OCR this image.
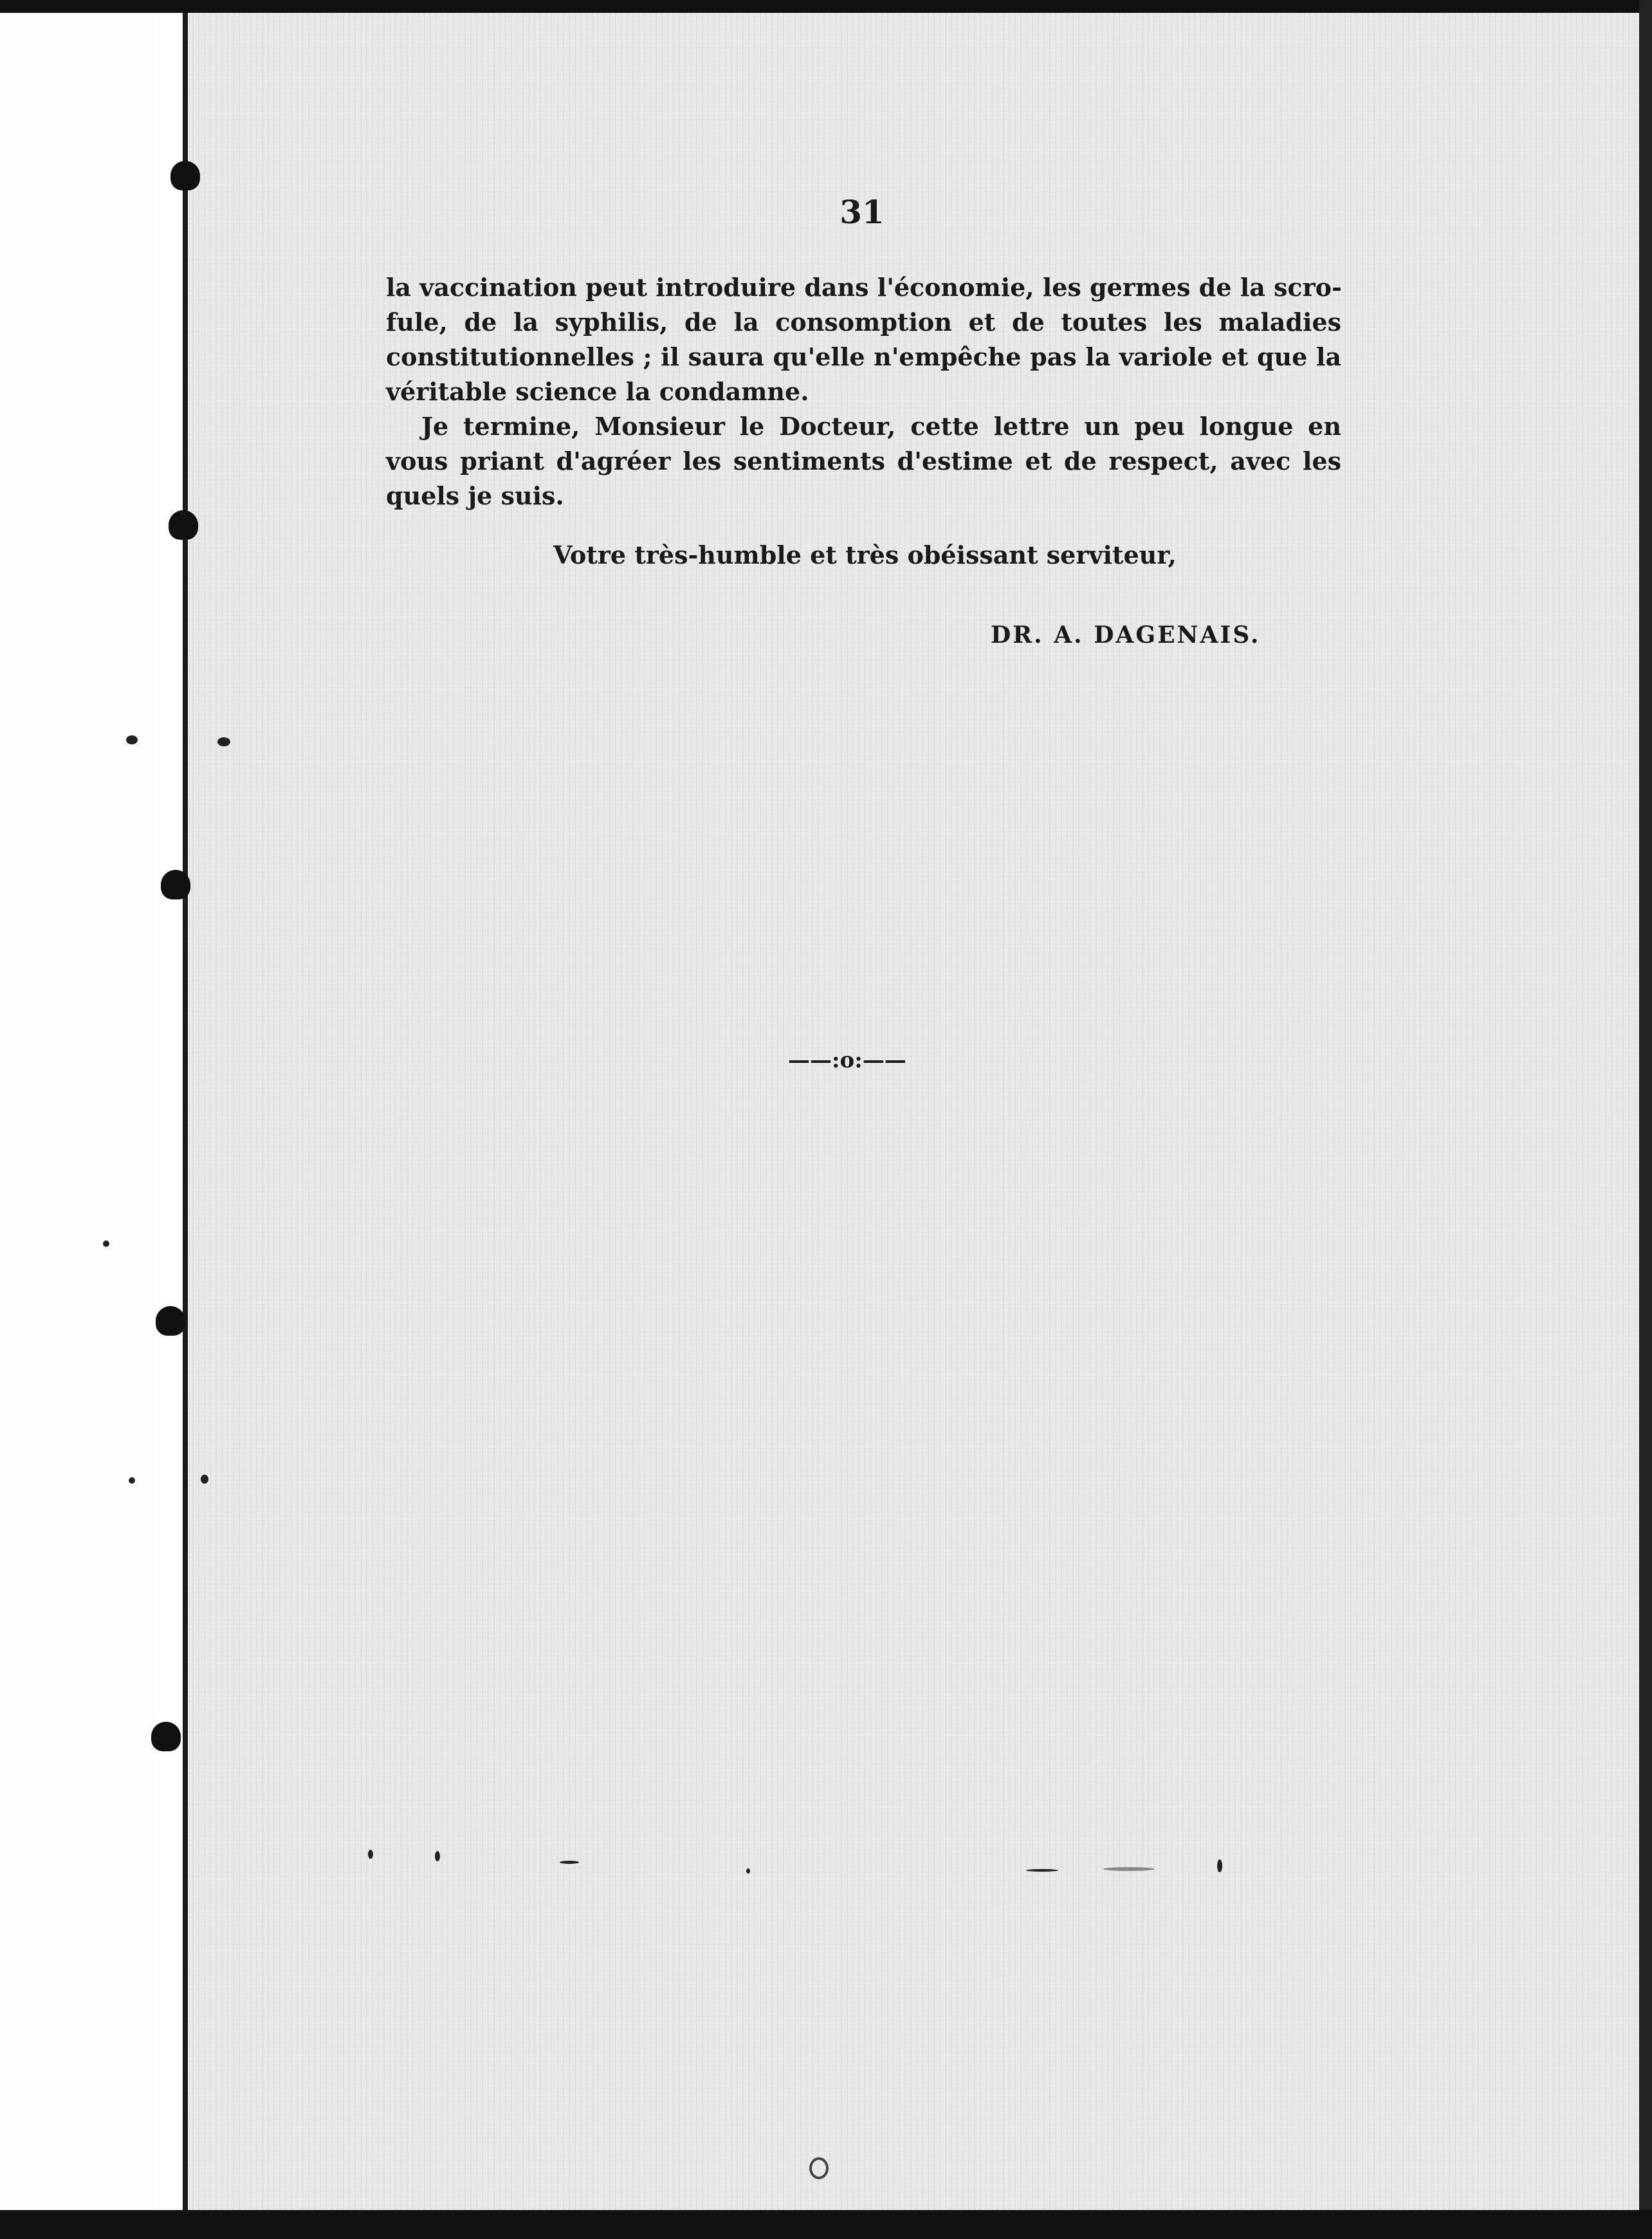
31

la vaccination peut introduire dans l'économie, les germes de la scro-
fule, de la syphilis, de la consomption et de toutes les maladies
constitutionnelles ; il saura qu'elle n'empêche pas la variole et que la
véritable science la condamne.

Je termine, Monsieur le Docteur, cette lettre un peu longue en
vous priant d'agréer les sentiments d'estime et de respect, avec les
quels je suis.

Votre très-humble et très obéissant serviteur,
DR. A. DAGENAIS.
——:o:——
